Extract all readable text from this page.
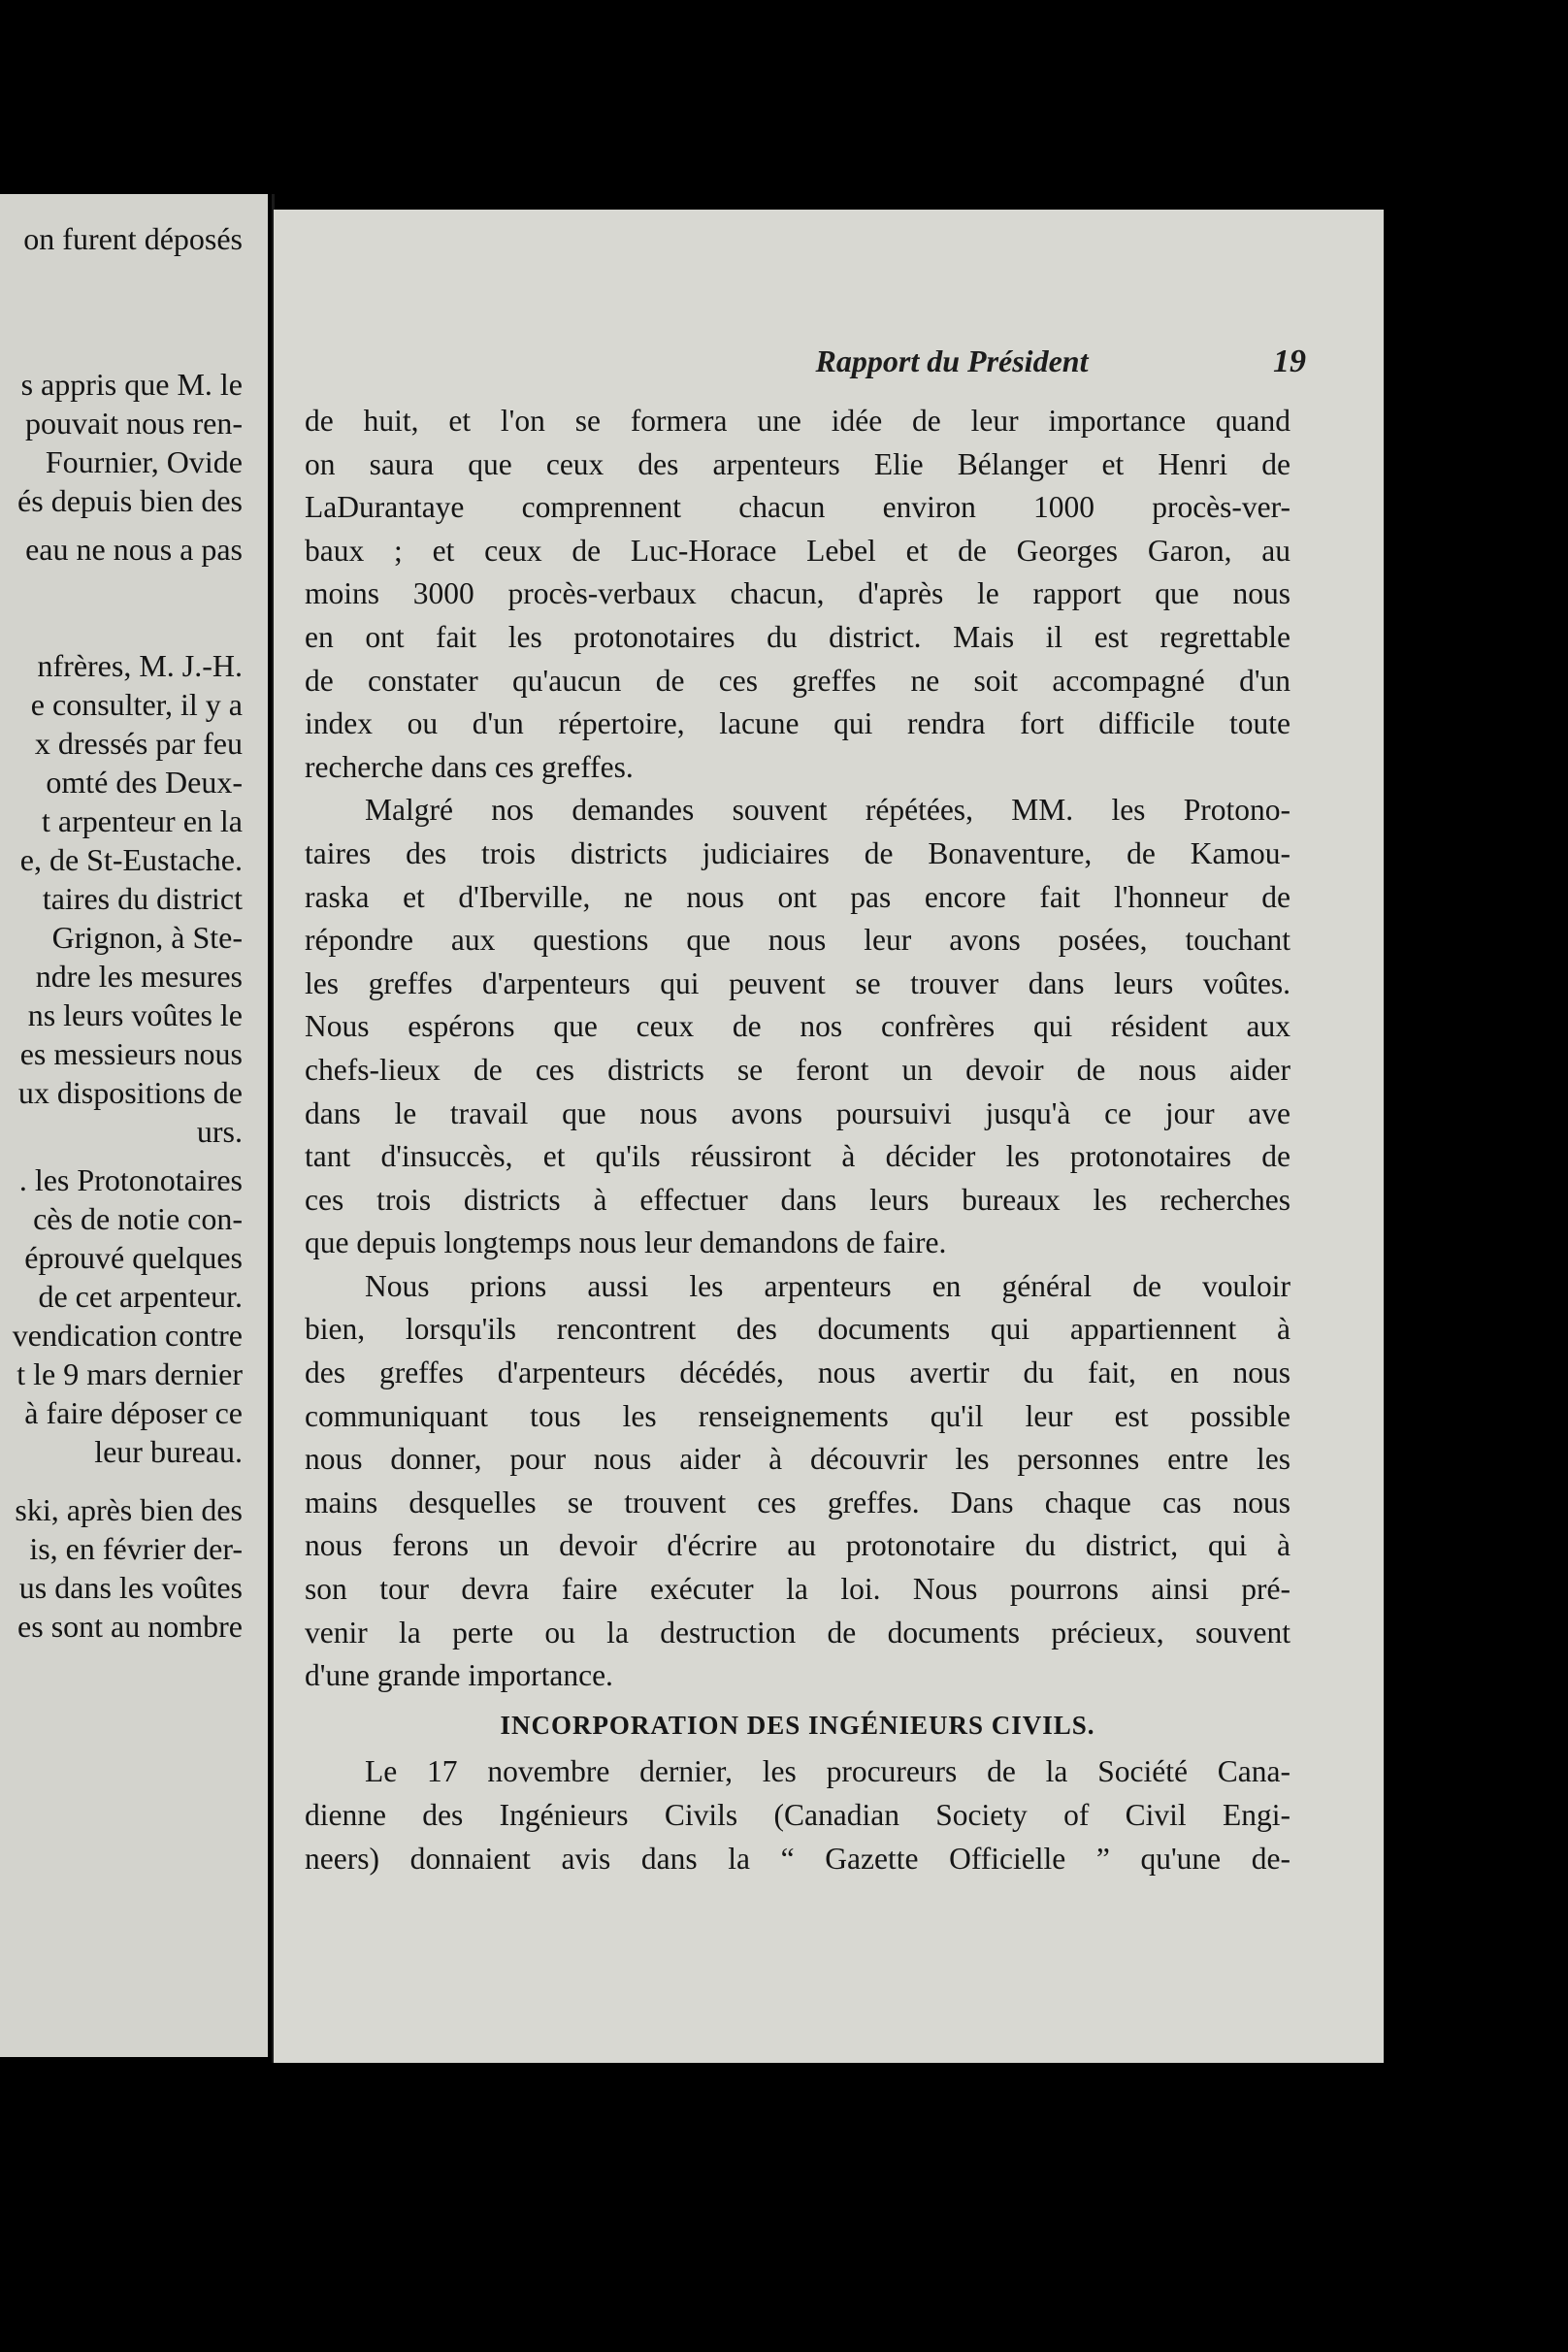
on furent déposés
s appris que M. le
pouvait nous ren-
Fournier, Ovide
és depuis bien des
eau ne nous a pas
nfrères, M. J.-H.
e consulter, il y a
x dressés par feu
omté des Deux-
t arpenteur en la
e, de St-Eustache.
taires du district
Grignon, à Ste-
ndre les mesures
ns leurs voûtes le
es messieurs nous
ux dispositions de
urs.
. les Protonotaires
cès de notie con-
éprouvé quelques
de cet arpenteur.
vendication contre
t le 9 mars dernier
à faire déposer ce
leur bureau.
ski, après bien des
is, en février der-
us dans les voûtes
es sont au nombre
Rapport du Président	19
de huit, et l'on se formera une idée de leur importance quand
on saura que ceux des arpenteurs Elie Bélanger et Henri de
LaDurantaye comprennent chacun environ 1000 procès-ver-
baux ; et ceux de Luc-Horace Lebel et de Georges Garon, au
moins 3000 procès-verbaux chacun, d'après le rapport que nous
en ont fait les protonotaires du district. Mais il est regrettable
de constater qu'aucun de ces greffes ne soit accompagné d'un
index ou d'un répertoire, lacune qui rendra fort difficile toute
recherche dans ces greffes.
Malgré nos demandes souvent répétées, MM. les Protono-
taires des trois districts judiciaires de Bonaventure, de Kamou-
raska et d'Iberville, ne nous ont pas encore fait l'honneur de
répondre aux questions que nous leur avons posées, touchant
les greffes d'arpenteurs qui peuvent se trouver dans leurs voûtes.
Nous espérons que ceux de nos confrères qui résident aux
chefs-lieux de ces districts se feront un devoir de nous aider
dans le travail que nous avons poursuivi jusqu'à ce jour ave
tant d'insuccès, et qu'ils réussiront à décider les protonotaires de
ces trois districts à effectuer dans leurs bureaux les recherches
que depuis longtemps nous leur demandons de faire.
Nous prions aussi les arpenteurs en général de vouloir
bien, lorsqu'ils rencontrent des documents qui appartiennent à
des greffes d'arpenteurs décédés, nous avertir du fait, en nous
communiquant tous les renseignements qu'il leur est possible
nous donner, pour nous aider à découvrir les personnes entre les
mains desquelles se trouvent ces greffes. Dans chaque cas nous
nous ferons un devoir d'écrire au protonotaire du district, qui à
son tour devra faire exécuter la loi. Nous pourrons ainsi pré-
venir la perte ou la destruction de documents précieux, souvent
d'une grande importance.
INCORPORATION DES INGÉNIEURS CIVILS.
Le 17 novembre dernier, les procureurs de la Société Cana-
dienne des Ingénieurs Civils (Canadian Society of Civil Engi-
neers) donnaient avis dans la “ Gazette Officielle ” qu'une de-
